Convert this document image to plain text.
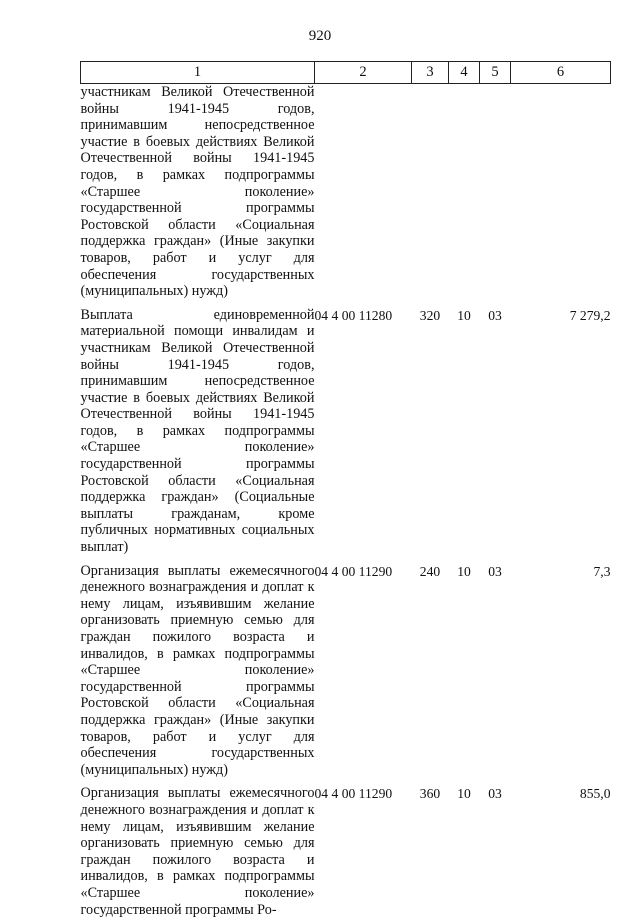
920
1	2	3	4	5	6

участникам Великой Отечественной войны 1941-1945 годов, принимавшим непосредственное участие в боевых действиях Великой Отечественной войны 1941-1945 годов, в рамках подпрограммы «Старшее поколение» государственной программы Ростовской области «Социальная поддержка граждан» (Иные закупки товаров, работ и услуг для обеспечения государственных (муниципальных) нужд)					

Выплата единовременной материальной помощи инвалидам и участникам Великой Отечественной войны 1941-1945 годов, принимавшим непосредственное участие в боевых действиях Великой Отечественной войны 1941-1945 годов, в рамках подпрограммы «Старшее поколение» государственной программы Ростовской области «Социальная поддержка граждан» (Социальные выплаты гражданам, кроме публичных нормативных социальных выплат)	04 4 00 11280	320	10	03	7 279,2

Организация выплаты ежемесячного денежного вознаграждения и доплат к нему лицам, изъявившим желание организовать приемную семью для граждан пожилого возраста и инвалидов, в рамках подпрограммы «Старшее поколение» государственной программы Ростовской области «Социальная поддержка граждан» (Иные закупки товаров, работ и услуг для обеспечения государственных (муниципальных) нужд)	04 4 00 11290	240	10	03	7,3

Организация выплаты ежемесячного денежного вознаграждения и доплат к нему лицам, изъявившим желание организовать приемную семью для граждан пожилого возраста и инвалидов, в рамках подпрограммы «Старшее поколение» государственной программы Ро-	04 4 00 11290	360	10	03	855,0
